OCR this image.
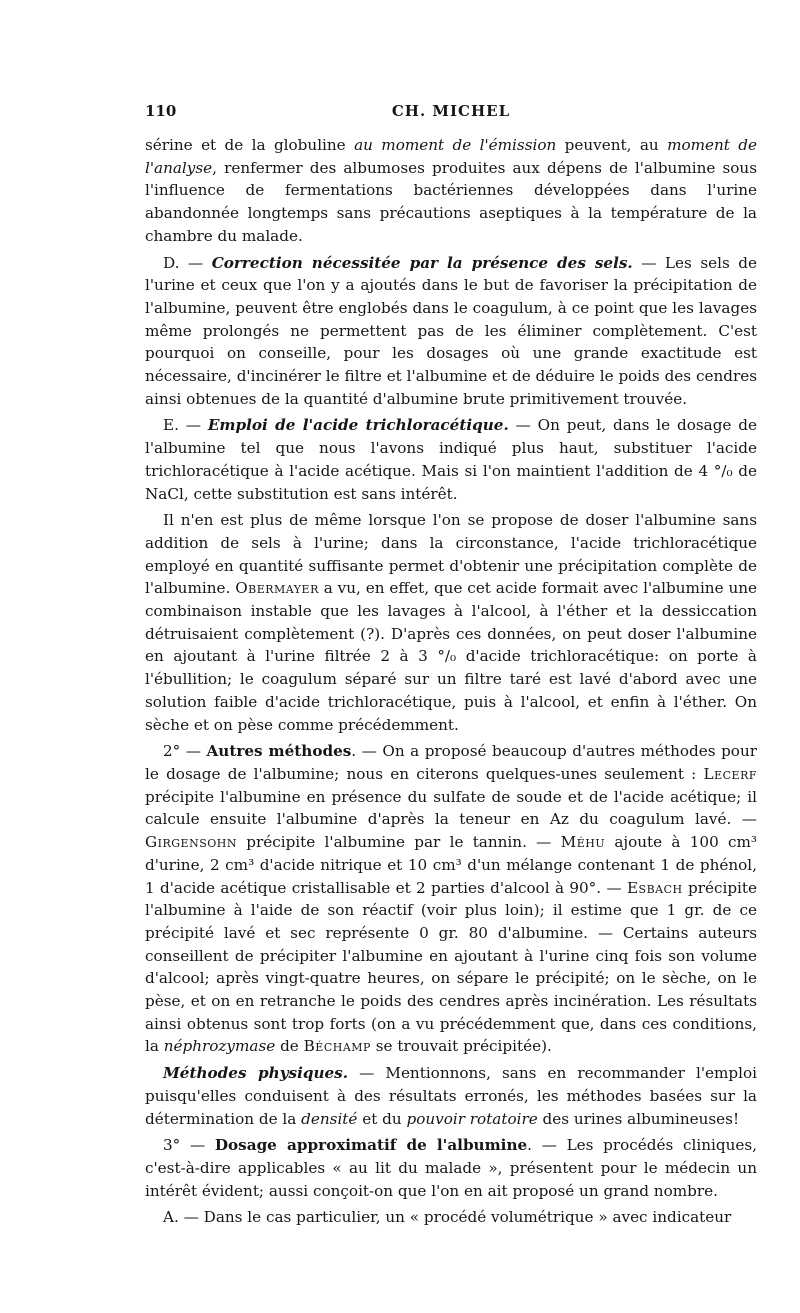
110	CH. MICHEL

sérine et de la globuline au moment de l'émission peuvent, au moment de l'analyse, renfermer des albumoses produites aux dépens de l'albumine sous l'influence de fermentations bactériennes développées dans l'urine abandonnée longtemps sans précautions aseptiques à la température de la chambre du malade.

D. — Correction nécessitée par la présence des sels. — Les sels de l'urine et ceux que l'on y a ajoutés dans le but de favoriser la précipitation de l'albumine, peuvent être englobés dans le coagulum, à ce point que les lavages même prolongés ne permettent pas de les éliminer complètement. C'est pourquoi on conseille, pour les dosages où une grande exactitude est nécessaire, d'incinérer le filtre et l'albumine et de déduire le poids des cendres ainsi obtenues de la quantité d'albumine brute primitivement trouvée.

E. — Emploi de l'acide trichloracétique. — On peut, dans le dosage de l'albumine tel que nous l'avons indiqué plus haut, substituer l'acide trichloracétique à l'acide acétique. Mais si l'on maintient l'addition de 4 °/₀ de NaCl, cette substitution est sans intérêt.

Il n'en est plus de même lorsque l'on se propose de doser l'albumine sans addition de sels à l'urine; dans la circonstance, l'acide trichloracétique employé en quantité suffisante permet d'obtenir une précipitation complète de l'albumine. Obermayer a vu, en effet, que cet acide formait avec l'albumine une combinaison instable que les lavages à l'alcool, à l'éther et la dessiccation détruisaient complètement (?). D'après ces données, on peut doser l'albumine en ajoutant à l'urine filtrée 2 à 3 °/₀ d'acide trichloracétique: on porte à l'ébullition; le coagulum séparé sur un filtre taré est lavé d'abord avec une solution faible d'acide trichloracétique, puis à l'alcool, et enfin à l'éther. On sèche et on pèse comme précédemment.

2° — Autres méthodes. — On a proposé beaucoup d'autres méthodes pour le dosage de l'albumine; nous en citerons quelques-unes seulement : Lecerf précipite l'albumine en présence du sulfate de soude et de l'acide acétique; il calcule ensuite l'albumine d'après la teneur en Az du coagulum lavé. — Girgensohn précipite l'albumine par le tannin. — Méhu ajoute à 100 cm³ d'urine, 2 cm³ d'acide nitrique et 10 cm³ d'un mélange contenant 1 de phénol, 1 d'acide acétique cristallisable et 2 parties d'alcool à 90°. — Esbach précipite l'albumine à l'aide de son réactif (voir plus loin); il estime que 1 gr. de ce précipité lavé et sec représente 0 gr. 80 d'albumine. — Certains auteurs conseillent de précipiter l'albumine en ajoutant à l'urine cinq fois son volume d'alcool; après vingt-quatre heures, on sépare le précipité; on le sèche, on le pèse, et on en retranche le poids des cendres après incinération. Les résultats ainsi obtenus sont trop forts (on a vu précédemment que, dans ces conditions, la néphrozymase de Béchamp se trouvait précipitée).

Méthodes physiques. — Mentionnons, sans en recommander l'emploi puisqu'elles conduisent à des résultats erronés, les méthodes basées sur la détermination de la densité et du pouvoir rotatoire des urines albumineuses!

3° — Dosage approximatif de l'albumine. — Les procédés cliniques, c'est-à-dire applicables « au lit du malade », présentent pour le médecin un intérêt évident; aussi conçoit-on que l'on en ait proposé un grand nombre.

A. — Dans le cas particulier, un « procédé volumétrique » avec indicateur
